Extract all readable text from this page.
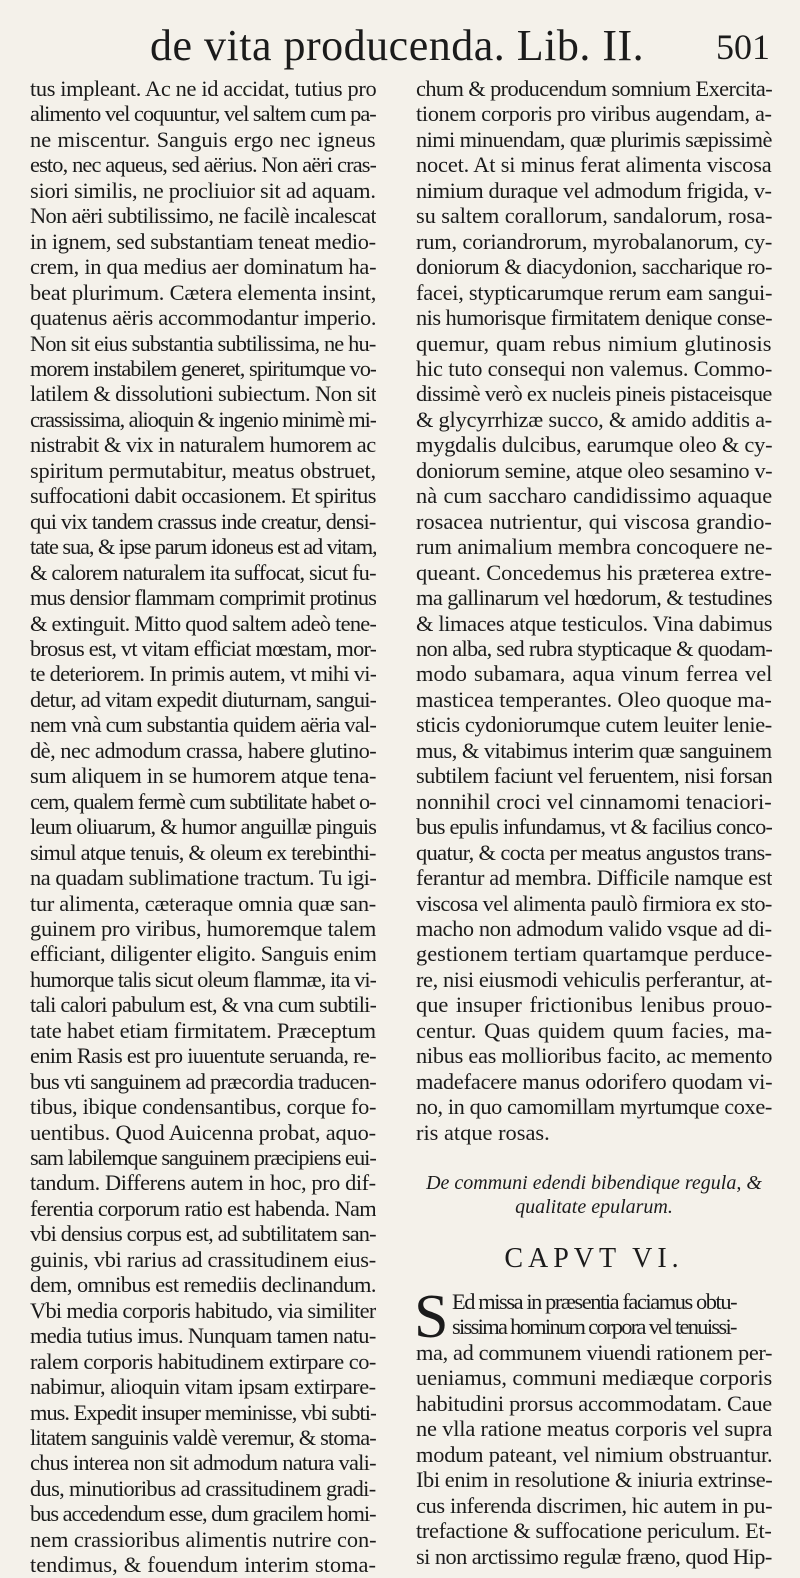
de vita producenda. Lib. II. 501
tus impleant. Ac ne id accidat, tutius pro
alimento vel coquuntur, vel saltem cum pa-
ne miscentur. Sanguis ergo nec igneus
esto, nec aqueus, sed aërius. Non aëri cras-
siori similis, ne procliuior sit ad aquam.
Non aëri subtilissimo, ne facilè incalescat
in ignem, sed substantiam teneat medio-
crem, in qua medius aer dominatum ha-
beat plurimum. Cætera elementa insint,
quatenus aëris accommodantur imperio.
Non sit eius substantia subtilissima, ne hu-
morem instabilem generet, spiritumque vo-
latilem & dissolutioni subiectum. Non sit
crassissima, alioquin & ingenio minimè mi-
nistrabit & vix in naturalem humorem ac
spiritum permutabitur, meatus obstruet,
suffocationi dabit occasionem. Et spiritus
qui vix tandem crassus inde creatur, densi-
tate sua, & ipse parum idoneus est ad vitam,
& calorem naturalem ita suffocat, sicut fu-
mus densior flammam comprimit protinus
& extinguit. Mitto quod saltem adeò tene-
brosus est, vt vitam efficiat mœstam, mor-
te deteriorem. In primis autem, vt mihi vi-
detur, ad vitam expedit diuturnam, sangui-
nem vnà cum substantia quidem aëria val-
dè, nec admodum crassa, habere glutino-
sum aliquem in se humorem atque tena-
cem, qualem fermè cum subtilitate habet o-
leum oliuarum, & humor anguillæ pinguis
simul atque tenuis, & oleum ex terebinthi-
na quadam sublimatione tractum. Tu igi-
tur alimenta, cæteraque omnia quæ san-
guinem pro viribus, humoremque talem
efficiant, diligenter eligito. Sanguis enim
humorque talis sicut oleum flammæ, ita vi-
tali calori pabulum est, & vna cum subtili-
tate habet etiam firmitatem. Præceptum
enim Rasis est pro iuuentute seruanda, re-
bus vti sanguinem ad præcordia traducen-
tibus, ibique condensantibus, corque fo-
uentibus. Quod Auicenna probat, aquo-
sam labilemque sanguinem præcipiens eui-
tandum. Differens autem in hoc, pro dif-
ferentia corporum ratio est habenda. Nam
vbi densius corpus est, ad subtilitatem san-
guinis, vbi rarius ad crassitudinem eius-
dem, omnibus est remediis declinandum.
Vbi media corporis habitudo, via similiter
media tutius imus. Nunquam tamen natu-
ralem corporis habitudinem extirpare co-
nabimur, alioquin vitam ipsam extirpare-
mus. Expedit insuper meminisse, vbi subti-
litatem sanguinis valdè veremur, & stoma-
chus interea non sit admodum natura vali-
dus, minutioribus ad crassitudinem gradi-
bus accedendum esse, dum gracilem homi-
nem crassioribus alimentis nutrire con-
tendimus, & fouendum interim stoma-
chum & producendum somnium Exercita-
tionem corporis pro viribus augendam, a-
nimi minuendam, quæ plurimis sæpissimè
nocet. At si minus ferat alimenta viscosa
nimium duraque vel admodum frigida, v-
su saltem corallorum, sandalorum, rosa-
rum, coriandrorum, myrobalanorum, cy-
doniorum & diacydonion, saccharique ro-
facei, stypticarumque rerum eam sangui-
nis humorisque firmitatem denique conse-
quemur, quam rebus nimium glutinosis
hic tuto consequi non valemus. Commo-
dissimè verò ex nucleis pineis pistaceisque
& glycyrrhizæ succo, & amido additis a-
mygdalis dulcibus, earumque oleo & cy-
doniorum semine, atque oleo sesamino v-
nà cum saccharo candidissimo aquaque
rosacea nutrientur, qui viscosa grandio-
rum animalium membra concoquere ne-
queant. Concedemus his præterea extre-
ma gallinarum vel hœdorum, & testudines
& limaces atque testiculos. Vina dabimus
non alba, sed rubra stypticaque & quodam-
modo subamara, aqua vinum ferrea vel
masticea temperantes. Oleo quoque ma-
sticis cydoniorumque cutem leuiter lenie-
mus, & vitabimus interim quæ sanguinem
subtilem faciunt vel feruentem, nisi forsan
nonnihil croci vel cinnamomi tenaciori-
bus epulis infundamus, vt & facilius conco-
quatur, & cocta per meatus angustos trans-
ferantur ad membra. Difficile namque est
viscosa vel alimenta paulò firmiora ex sto-
macho non admodum valido vsque ad di-
gestionem tertiam quartamque perduce-
re, nisi eiusmodi vehiculis perferantur, at-
que insuper frictionibus lenibus prouo-
centur. Quas quidem quum facies, ma-
nibus eas mollioribus facito, ac memento
madefacere manus odorifero quodam vi-
no, in quo camomillam myrtumque coxe-
ris atque rosas.
De communi edendi bibendique regula, &
qualitate epularum.
CAPVT VI.
S Ed missa in præsentia faciamus obtu-
sissima hominum corpora vel tenuissi-
ma, ad communem viuendi rationem per-
ueniamus, communi mediæque corporis
habitudini prorsus accommodatam. Caue
ne vlla ratione meatus corporis vel supra
modum pateant, vel nimium obstruantur.
Ibi enim in resolutione & iniuria extrinse-
cus inferenda discrimen, hic autem in pu-
trefactione & suffocatione periculum. Et-
si non arctissimo regulæ fræno, quod Hip-
